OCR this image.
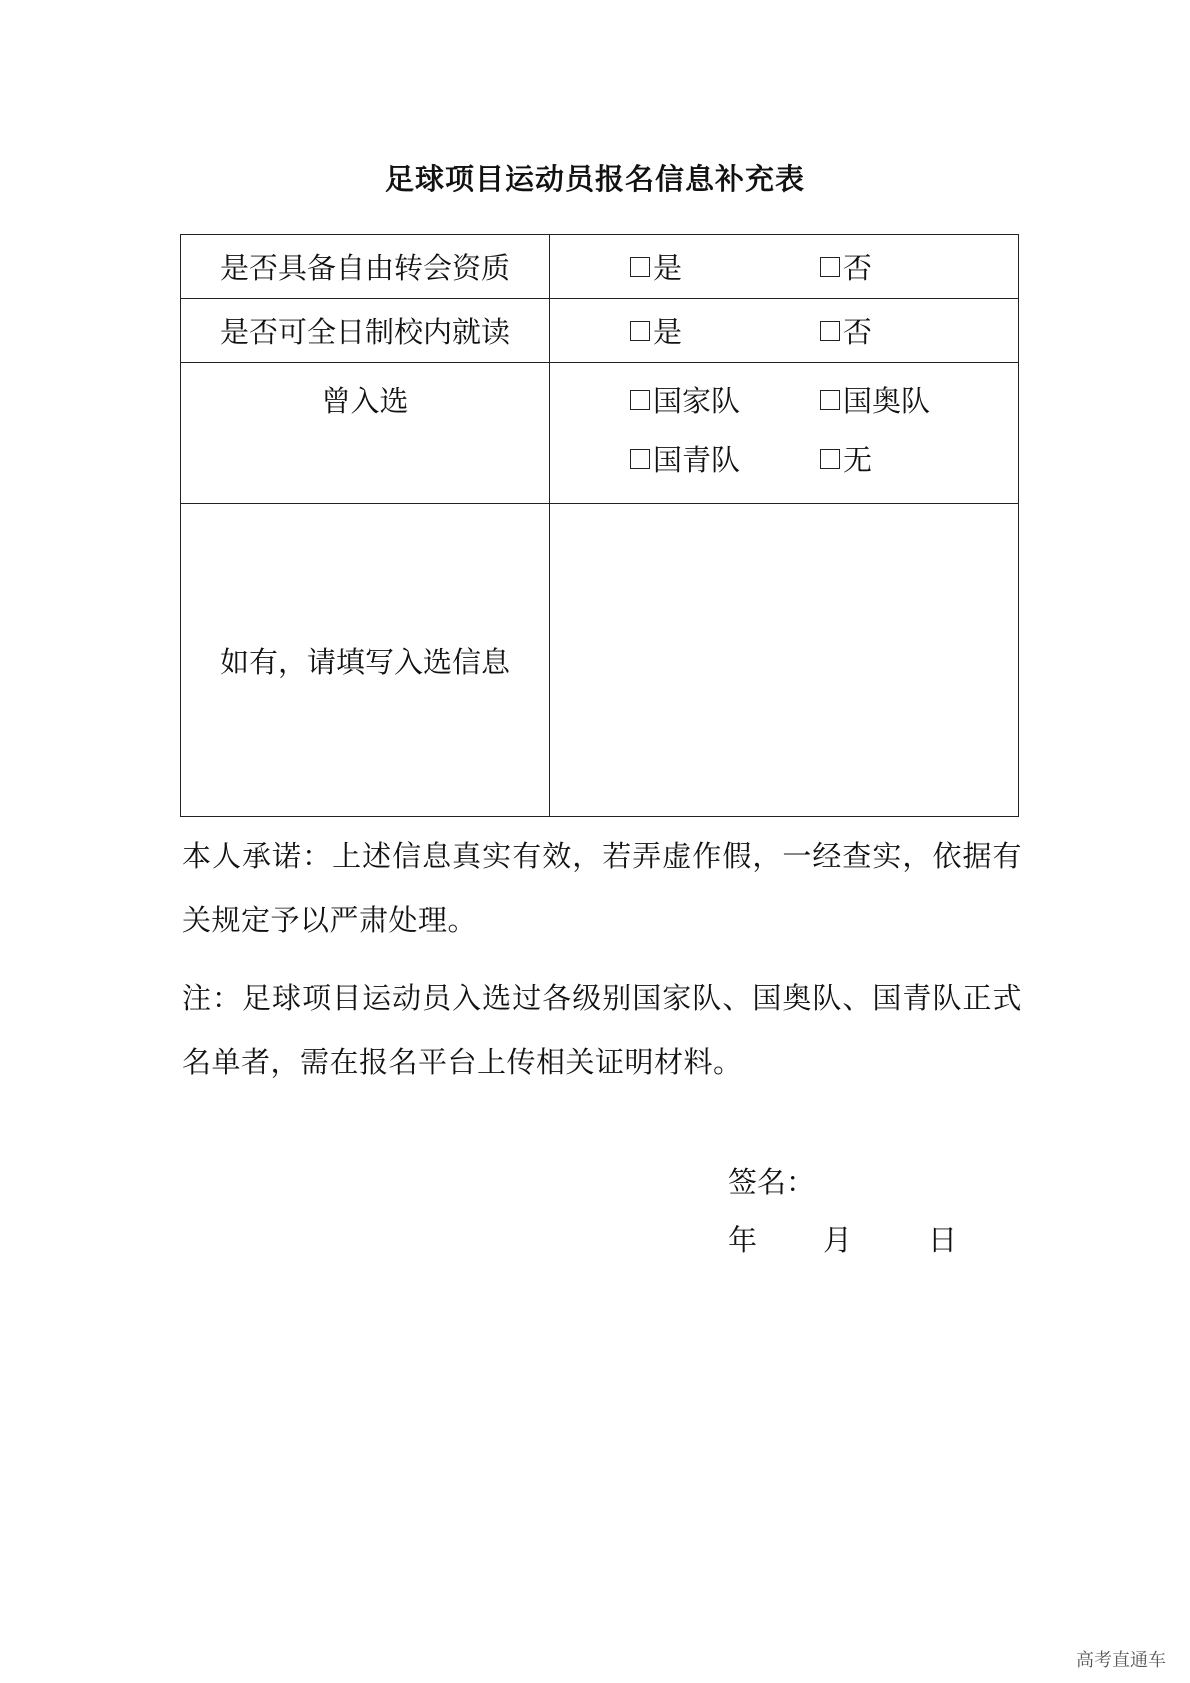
足球项目运动员报名信息补充表
是否具备自由转会资质	是 否

是否可全日制校内就读	是 否

曾入选	国家队 国奥队
国青队 无

如有，请填写入选信息	
本人承诺：上述信息真实有效，若弄虚作假，一经查实，依据有关规定予以严肃处理。
注：足球项目运动员入选过各级别国家队、国奥队、国青队正式名单者，需在报名平台上传相关证明材料。
签名：
年 月	日
高考直通车
